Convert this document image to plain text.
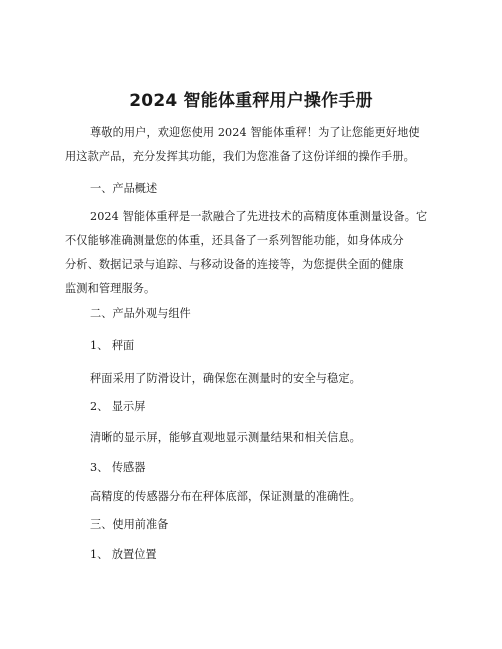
2024 智能体重秤用户操作手册
尊敬的用户，欢迎您使用 2024 智能体重秤！为了让您能更好地使
用这款产品，充分发挥其功能，我们为您准备了这份详细的操作手册。
一、产品概述
2024 智能体重秤是一款融合了先进技术的高精度体重测量设备。它
不仅能够准确测量您的体重，还具备了一系列智能功能，如身体成分
分析、数据记录与追踪、与移动设备的连接等，为您提供全面的健康
监测和管理服务。
二、产品外观与组件
1、 秤面
秤面采用了防滑设计，确保您在测量时的安全与稳定。
2、 显示屏
清晰的显示屏，能够直观地显示测量结果和相关信息。
3、 传感器
高精度的传感器分布在秤体底部，保证测量的准确性。
三、使用前准备
1、 放置位置
